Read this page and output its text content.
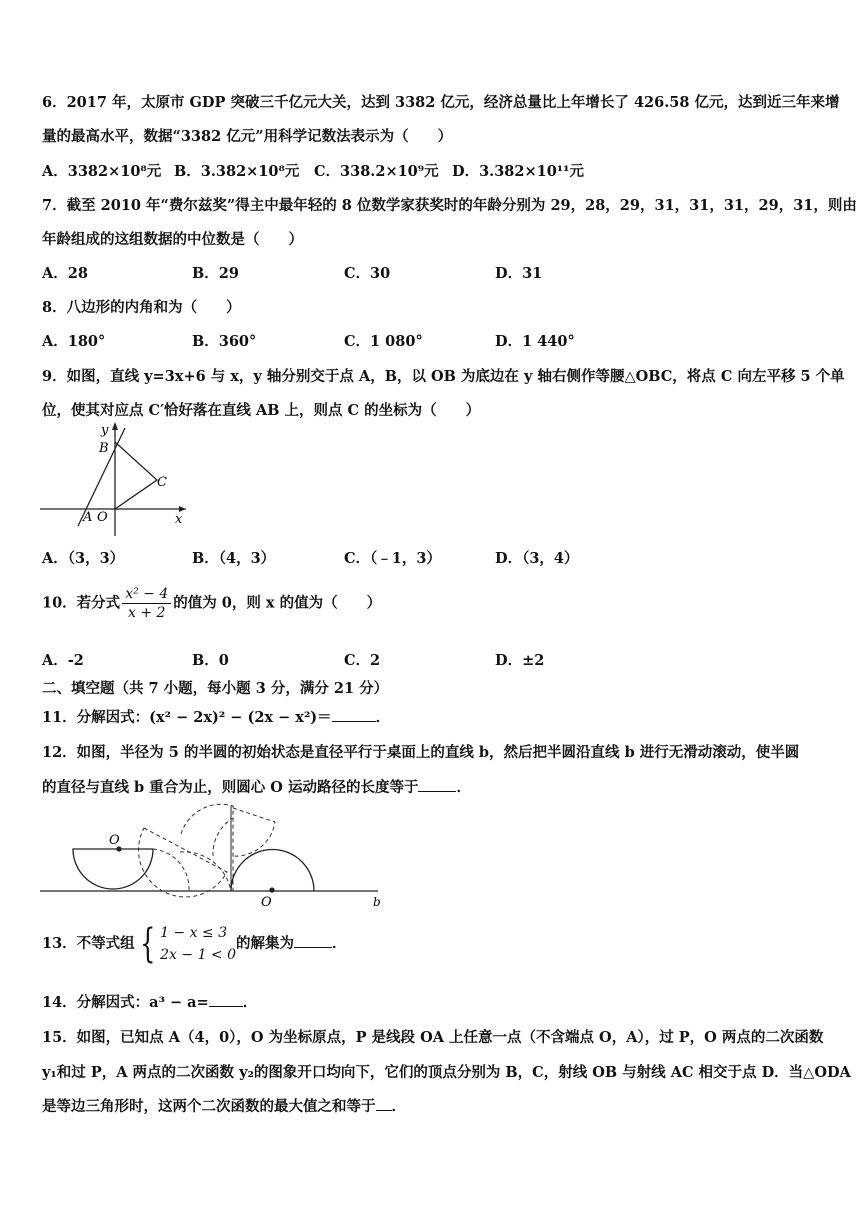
6．2017 年，太原市 GDP 突破三千亿元大关，达到 3382 亿元，经济总量比上年增长了 426.58 亿元，达到近三年来增
量的最高水平，数据“3382 亿元”用科学记数法表示为（　　）
A．3382×10⁸元 B．3.382×10⁸元 C．338.2×10⁹元 D．3.382×10¹¹元
7．截至 2010 年“费尔兹奖”得主中最年轻的 8 位数学家获奖时的年龄分别为 29，28，29，31，31，31，29，31，则由
年龄组成的这组数据的中位数是（　　）
A．28	B．29	C．30	D．31
8．八边形的内角和为（　　）
A．180°	B．360°	C．1 080°	D．1 440°
9．如图，直线 y=3x+6 与 x，y 轴分别交于点 A，B，以 OB 为底边在 y 轴右侧作等腰△OBC，将点 C 向左平移 5 个单
位，使其对应点 C′恰好落在直线 AB 上，则点 C 的坐标为（　　）
y
B
C
A O	x
A．（3，3）	B．（4，3）	C．（﹣1，3）	D．（3，4）
10．若分式 $\frac{\text{x² − 4}}{x + 2}$ 的值为 0，则 x 的值为（　　）
A．-2	B．0	C．2	D．±2
二、填空题（共 7 小题，每小题 3 分，满分 21 分）
11．分解因式：(x² − 2x)² − (2x − x²)＝	．
12．如图，半径为 5 的半圆的初始状态是直径平行于桌面上的直线 b，然后把半圆沿直线 b 进行无滑动滚动，使半圆
的直径与直线 b 重合为止，则圆心 O 运动路径的长度等于	．
O
O	b
13．不等式组 { 1 − x ≤ 3
2x − 1 < 0
的解集为	．
14．分解因式：a³ − a= ．
15．如图，已知点 A（4，0），O 为坐标原点，P 是线段 OA 上任意一点（不含端点 O，A），过 P，O 两点的二次函数
y₁和过 P，A 两点的二次函数 y₂的图象开口均向下，它们的顶点分别为 B，C，射线 OB 与射线 AC 相交于点 D．当△ODA
是等边三角形时，这两个二次函数的最大值之和等于 ．
